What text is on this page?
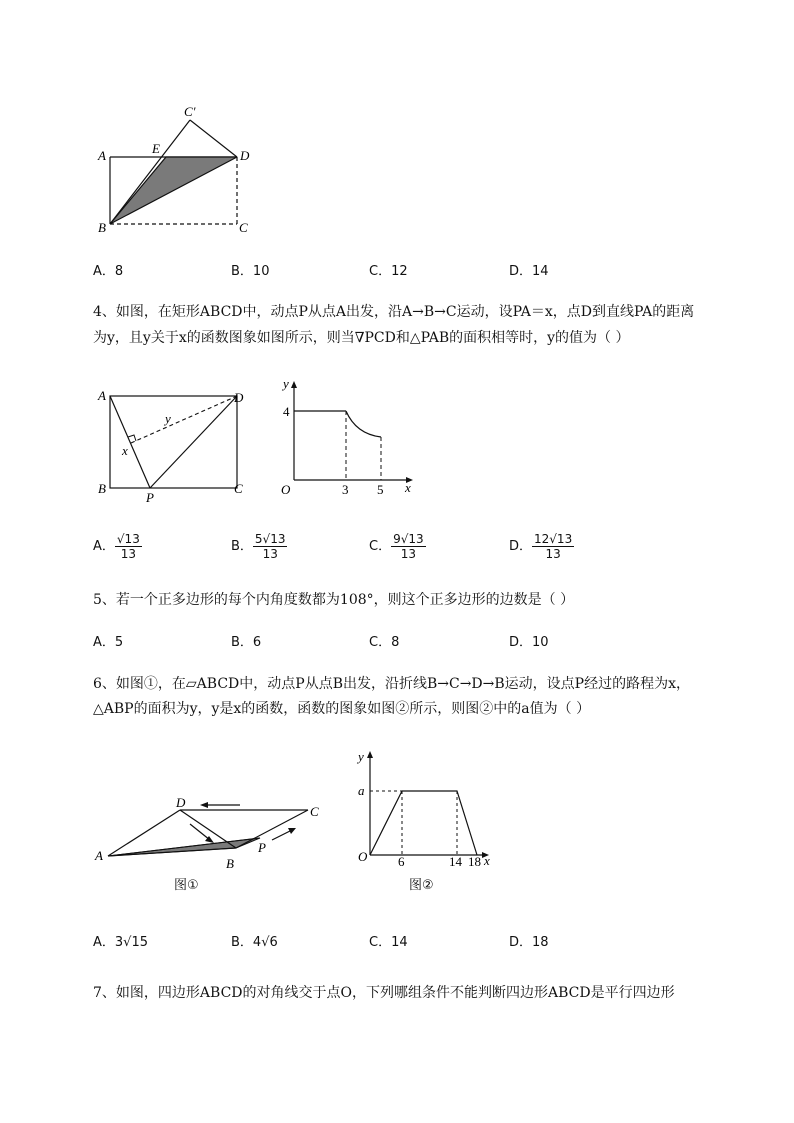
C′
A	E	D
B	C
A．8	B．10	C．12	D．14
4、如图，在矩形ABCD中，动点P从点A出发，沿A→B→C运动，设PA＝x，点D到直线PA的距离
为y，且y关于x的函数图象如图所示，则当∇PCD和△PAB的面积相等时，y的值为（ ）
A	D
B
P
C
x
y
y
x
O
4
3 5
A． $\frac{√13}{13}$	B． $\frac{5√13}{13}$	C． $\frac{9√13}{13}$	D． $\frac{12√13}{13}$
5、若一个正多边形的每个内角度数都为108°，则这个正多边形的边数是（ ）
A．5	B．6	C．8	D．10
6、如图①，在▱ABCD中，动点P从点B出发，沿折线B→C→D→B运动，设点P经过的路程为x，
△ABP的面积为y，y是x的函数，函数的图象如图②所示，则图②中的a值为（ ）
D
C
A
B
P
图①
y
x
O
a
6	14 18
图②
A．3√15	B．4√6	C．14	D．18
7、如图，四边形ABCD的对角线交于点O，下列哪组条件不能判断四边形ABCD是平行四边形
